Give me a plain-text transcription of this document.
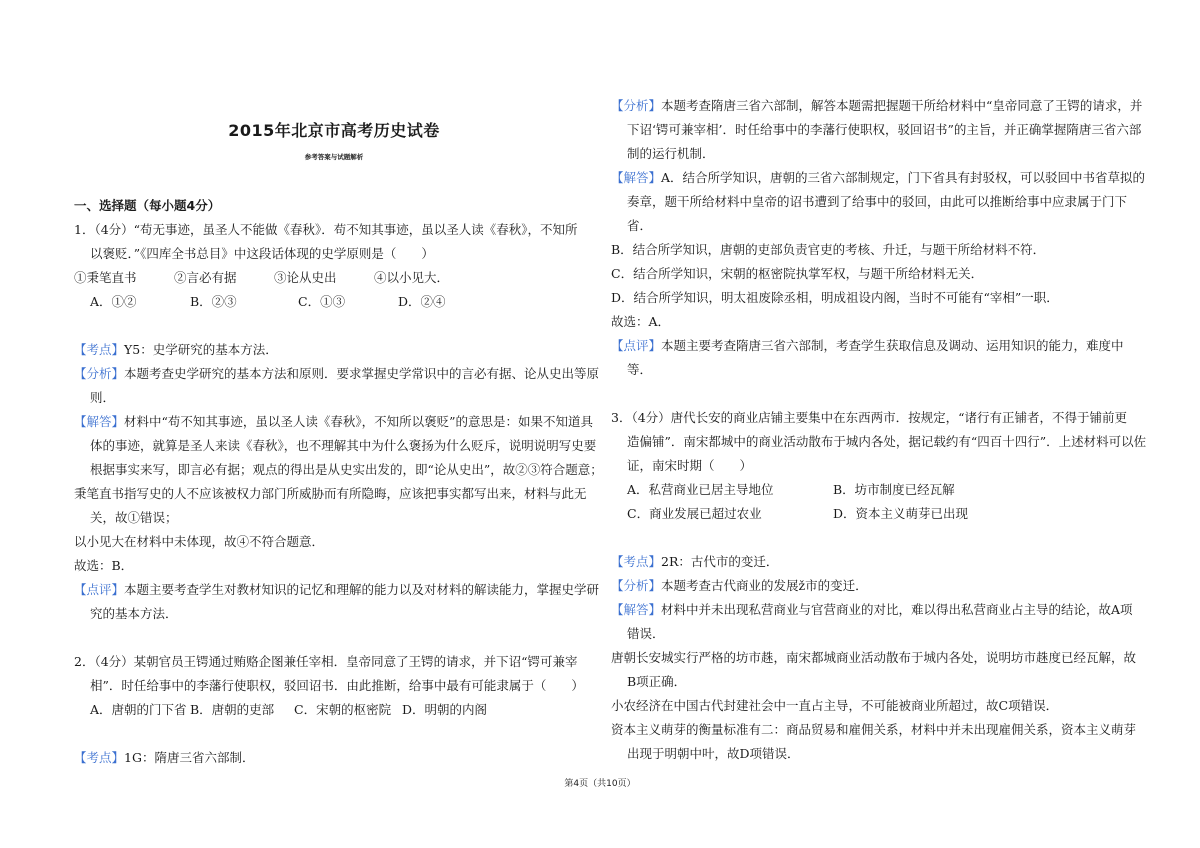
2015年北京市高考历史试卷
参考答案与试题解析
一、选择题（每小题4分）
1．（4分）“苟无事迹，虽圣人不能做《春秋》．苟不知其事迹，虽以圣人读《春秋》，不知所
以褒贬．”《四库全书总目》中这段话体现的史学原则是（　　）
①秉笔直书　　　②言必有据　　　③论从史出　　　④以小见大．
A．①②	B．②③	C．①③	D．②④
【考点】Y5：史学研究的基本方法．
【分析】本题考查史学研究的基本方法和原则．要求掌握史学常识中的言必有据、论从史出等原
则．
【解答】材料中“苟不知其事迹，虽以圣人读《春秋》，不知所以褒贬”的意思是：如果不知道具
体的事迹，就算是圣人来读《春秋》，也不理解其中为什么褒扬为什么贬斥，说明说明写史要
根据事实来写，即言必有据；观点的得出是从史实出发的，即“论从史出”，故②③符合题意；
秉笔直书指写史的人不应该被权力部门所威胁而有所隐晦，应该把事实都写出来，材料与此无
关，故①错误；
以小见大在材料中未体现，故④不符合题意．
故选：B．
【点评】本题主要考查学生对教材知识的记忆和理解的能力以及对材料的解读能力，掌握史学研
究的基本方法．
2．（4分）某朝官员王锷通过贿赂企图兼任宰相．皇帝同意了王锷的请求，并下诏“锷可兼宰
相”．时任给事中的李藩行使职权，驳回诏书．由此推断，给事中最有可能隶属于（　　）
A．唐朝的门下省 B．唐朝的吏部 C．宋朝的枢密院 D．明朝的内阁
【考点】1G：隋唐三省六部制．
【分析】本题考查隋唐三省六部制，解答本题需把握题干所给材料中“皇帝同意了王锷的请求，并
下诏‘锷可兼宰相’．时任给事中的李藩行使职权，驳回诏书”的主旨，并正确掌握隋唐三省六部
制的运行机制．
【解答】A．结合所学知识，唐朝的三省六部制规定，门下省具有封驳权，可以驳回中书省草拟的
奏章，题干所给材料中皇帝的诏书遭到了给事中的驳回，由此可以推断给事中应隶属于门下
省．
B．结合所学知识，唐朝的吏部负责官吏的考核、升迁，与题干所给材料不符．
C．结合所学知识，宋朝的枢密院执掌军权，与题干所给材料无关．
D．结合所学知识，明太祖废除丞相，明成祖设内阁，当时不可能有“宰相”一职．
故选：A．
【点评】本题主要考查隋唐三省六部制，考查学生获取信息及调动、运用知识的能力，难度中
等．
3．（4分）唐代长安的商业店铺主要集中在东西两市．按规定，“诸行有正铺者，不得于铺前更
造偏铺”．南宋都城中的商业活动散布于城内各处，据记载约有“四百十四行”．上述材料可以佐
证，南宋时期（　　）
A．私营商业已居主导地位	B．坊市制度已经瓦解
C．商业发展已超过农业	D．资本主义萌芽已出现
【考点】2R：古代市的变迁．
【分析】本题考查古代商业的发展ž市的变迁．
【解答】材料中并未出现私营商业与官营商业的对比，难以得出私营商业占主导的结论，故A项
错误．
唐朝长安城实行严格的坊市趎，南宋都城商业活动散布于城内各处，说明坊市趎度已经瓦解，故
B项正确．
小农经济在中国古代封建社会中一直占主导，不可能被商业所超过，故C项错误．
资本主义萌芽的衡量标准有二：商品贸易和雇佣关系，材料中并未出现雇佣关系，资本主义萌芽
出现于明朝中叶，故D项错误．
第4页（共10页）
